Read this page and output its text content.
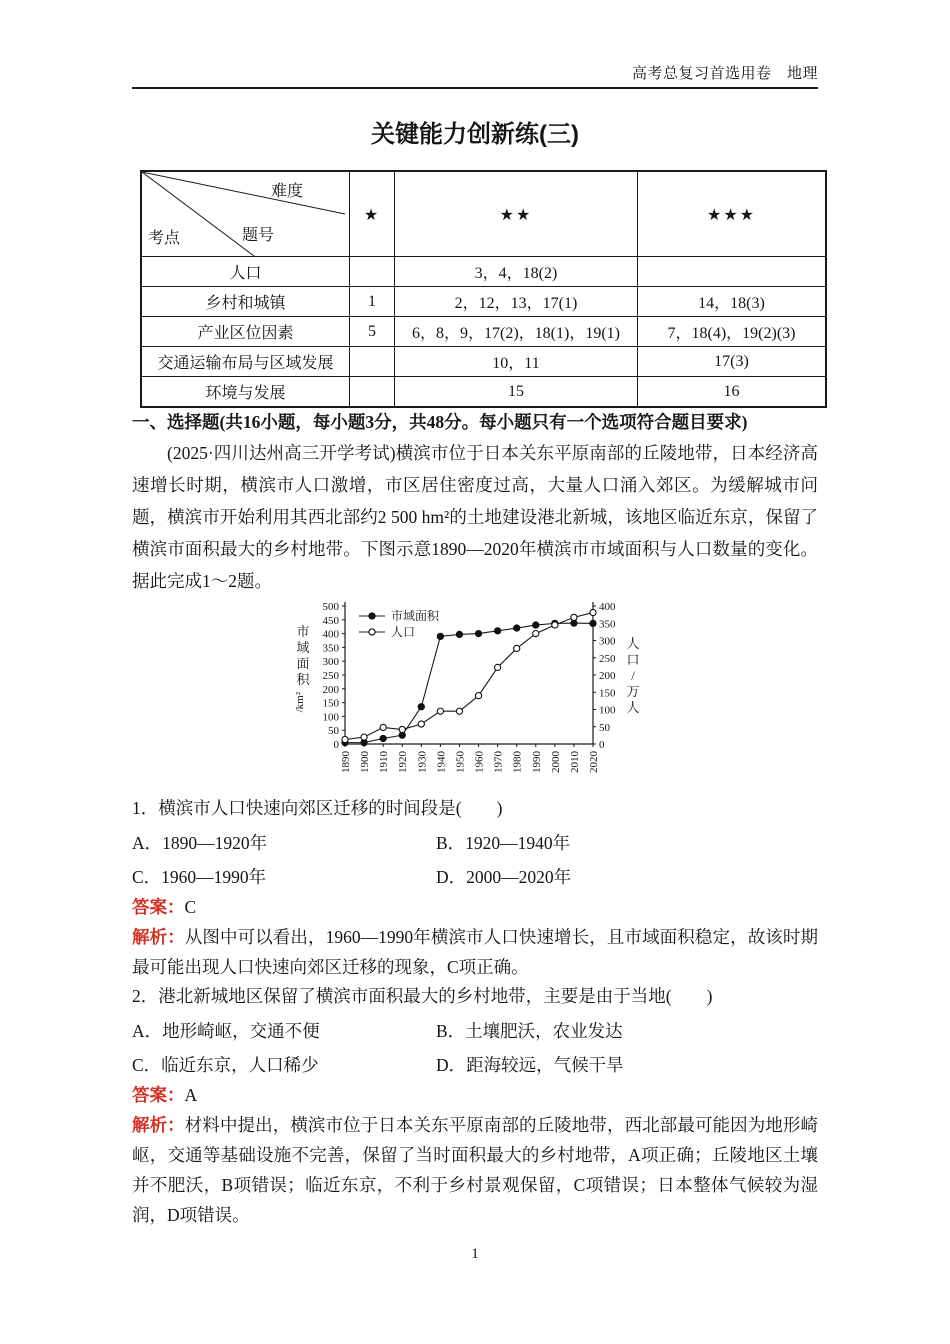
高考总复习首选用卷　地理
关键能力创新练(三)
难度
题号
考点	★	★★	★★★
人口		3，4，18(2)	
乡村和城镇	1	2，12，13，17(1)	14，18(3)
产业区位因素	5	6，8，9，17(2)，18(1)，19(1)	7，18(4)，19(2)(3)
交通运输布局与区域发展		10，11	17(3)
环境与发展		15	16
一、选择题(共16小题，每小题3分，共48分。每小题只有一个选项符合题目要求)
(2025·四川达州高三开学考试)横滨市位于日本关东平原南部的丘陵地带，日本经济高速增长时期，横滨市人口激增，市区居住密度过高，大量人口涌入郊区。为缓解城市问题，横滨市开始利用其西北部约2 500 hm²的土地建设港北新城，该地区临近东京，保留了横滨市面积最大的乡村地带。下图示意1890—2020年横滨市市域面积与人口数量的变化。据此完成1～2题。
0
50
100
150
200
250
300
350
400
450
500
0
50
100
150
200
250
300
350
400
1890 1900 1910 1920 1930 1940 1950 1960 1970 1980 1990 2000 2010 2020
市域面积
人口
市
域
面
积
/km²
人
口
/
万
人
1．横滨市人口快速向郊区迁移的时间段是(　　)
A．1890—1920年	B．1920—1940年
C．1960—1990年	D．2000—2020年
答案：C
解析：从图中可以看出，1960—1990年横滨市人口快速增长，且市域面积稳定，故该时期最可能出现人口快速向郊区迁移的现象，C项正确。
2．港北新城地区保留了横滨市面积最大的乡村地带，主要是由于当地(　　)
A．地形崎岖，交通不便	B．土壤肥沃，农业发达
C．临近东京，人口稀少	D．距海较远，气候干旱
答案：A
解析：材料中提出，横滨市位于日本关东平原南部的丘陵地带，西北部最可能因为地形崎岖，交通等基础设施不完善，保留了当时面积最大的乡村地带，A项正确；丘陵地区土壤并不肥沃，B项错误；临近东京，不利于乡村景观保留，C项错误；日本整体气候较为湿润，D项错误。
1
